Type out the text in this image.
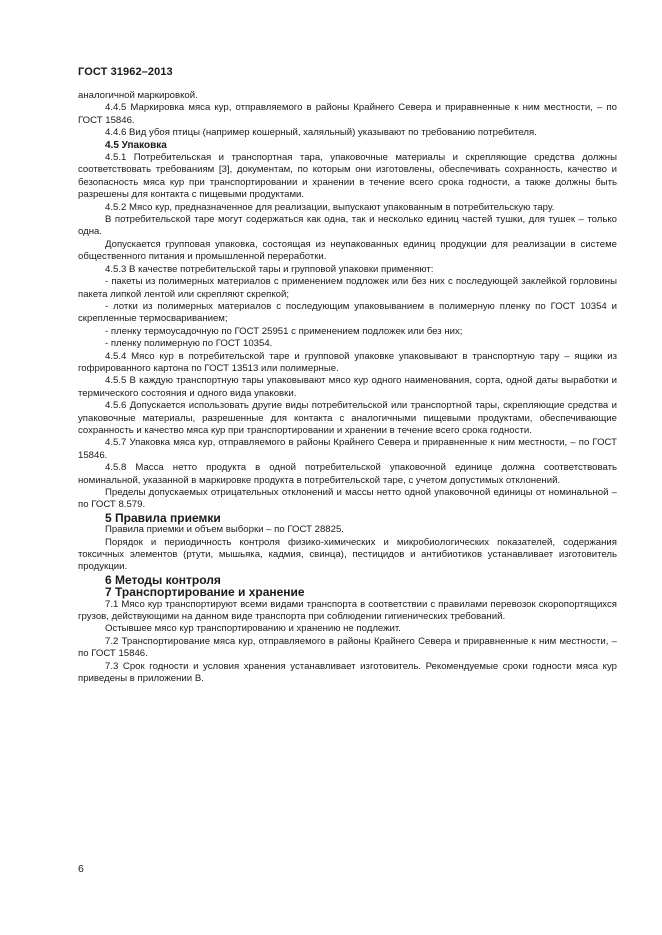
ГОСТ 31962–2013

аналогичной маркировкой.

4.4.5 Маркировка мяса кур, отправляемого в районы Крайнего Севера и приравненные к ним местности, – по ГОСТ 15846.

4.4.6 Вид убоя птицы (например кошерный, халяльный) указывают по требованию потребителя.

4.5 Упаковка

4.5.1 Потребительская и транспортная тара, упаковочные материалы и скрепляющие средства должны соответствовать требованиям [3], документам, по которым они изготовлены, обеспечивать сохранность, качество и безопасность мяса кур при транспортировании и хранении в течение всего срока годности, а также должны быть разрешены для контакта с пищевыми продуктами.

4.5.2 Мясо кур, предназначенное для реализации, выпускают упакованным в потребительскую тару.

В потребительской таре могут содержаться как одна, так и несколько единиц частей тушки, для тушек – только одна.

Допускается групповая упаковка, состоящая из неупакованных единиц продукции для реализации в системе общественного питания и промышленной переработки.

4.5.3 В качестве потребительской тары и групповой упаковки применяют:

- пакеты из полимерных материалов с применением подложек или без них с последующей заклейкой горловины пакета липкой лентой или скрепляют скрепкой;

- лотки из полимерных материалов с последующим упаковыванием в полимерную пленку по ГОСТ 10354 и скрепленные термосвариванием;

- пленку термоусадочную по ГОСТ 25951 с применением подложек или без них;

- пленку полимерную по ГОСТ 10354.

4.5.4 Мясо кур в потребительской таре и групповой упаковке упаковывают в транспортную тару – ящики из гофрированного картона по ГОСТ 13513 или полимерные.

4.5.5 В каждую транспортную тары упаковывают мясо кур одного наименования, сорта, одной даты выработки и термического состояния и одного вида упаковки.

4.5.6 Допускается использовать другие виды потребительской или транспортной тары, скрепляющие средства и упаковочные материалы, разрешенные для контакта с аналогичными пищевыми продуктами, обеспечивающие сохранность и качество мяса кур при транспортировании и хранении в течение всего срока годности.

4.5.7 Упаковка мяса кур, отправляемого в районы Крайнего Севера и приравненные к ним местности, – по ГОСТ 15846.

4.5.8 Масса нетто продукта в одной потребительской упаковочной единице должна соответствовать номинальной, указанной в маркировке продукта в потребительской таре, с учетом допустимых отклонений.

Пределы допускаемых отрицательных отклонений и массы нетто одной упаковочной единицы от номинальной – по ГОСТ 8.579.

5 Правила приемки

Правила приемки и объем выборки – по ГОСТ 28825.

Порядок и периодичность контроля физико-химических и микробиологических показателей, содержания токсичных элементов (ртути, мышьяка, кадмия, свинца), пестицидов и антибиотиков устанавливает изготовитель продукции.

6 Методы контроля

7 Транспортирование и хранение

7.1 Мясо кур транспортируют всеми видами транспорта в соответствии с правилами перевозок скоропортящихся грузов, действующими на данном виде транспорта при соблюдении гигиенических требований.

Остывшее мясо кур транспортированию и хранению не подлежит.

7.2 Транспортирование мяса кур, отправляемого в районы Крайнего Севера и приравненные к ним местности, – по ГОСТ 15846.

7.3 Срок годности и условия хранения устанавливает изготовитель. Рекомендуемые сроки годности мяса кур приведены в приложении В.

6
